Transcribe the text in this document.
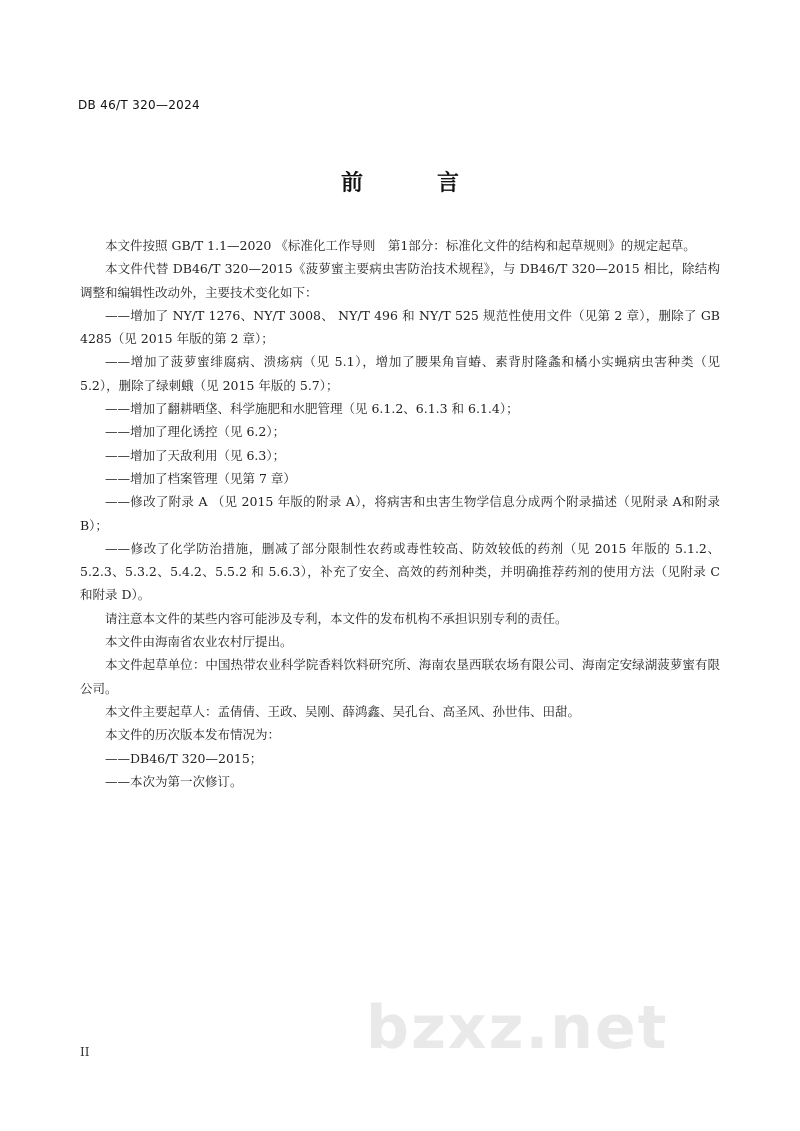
DB 46/T 320—2024
前　言

本文件按照 GB/T 1.1—2020 《标准化工作导则　第1部分：标准化文件的结构和起草规则》的规定起草。

本文件代替 DB46/T 320—2015《菠萝蜜主要病虫害防治技术规程》，与 DB46/T 320—2015 相比，除结构调整和编辑性改动外，主要技术变化如下：

——增加了 NY/T 1276、NY/T 3008、 NY/T 496 和 NY/T 525 规范性使用文件（见第 2 章），删除了 GB 4285（见 2015 年版的第 2 章）；

——增加了菠萝蜜绯腐病、溃疡病（见 5.1），增加了腰果角盲蝽、素背肘隆螽和橘小实蝇病虫害种类（见 5.2），删除了绿刺蛾（见 2015 年版的 5.7）；

——增加了翻耕晒垡、科学施肥和水肥管理（见 6.1.2、6.1.3 和 6.1.4）；

——增加了理化诱控（见 6.2）；

——增加了天敌利用（见 6.3）；

——增加了档案管理（见第 7 章）

——修改了附录 A （见 2015 年版的附录 A），将病害和虫害生物学信息分成两个附录描述（见附录 A和附录 B）；

——修改了化学防治措施，删减了部分限制性农药或毒性较高、防效较低的药剂（见 2015 年版的 5.1.2、5.2.3、5.3.2、5.4.2、5.5.2 和 5.6.3），补充了安全、高效的药剂种类，并明确推荐药剂的使用方法（见附录 C 和附录 D）。

请注意本文件的某些内容可能涉及专利，本文件的发布机构不承担识别专利的责任。

本文件由海南省农业农村厅提出。

本文件起草单位：中国热带农业科学院香料饮料研究所、海南农垦西联农场有限公司、海南定安绿湖菠萝蜜有限公司。

本文件主要起草人：孟倩倩、王政、吴刚、薛鸿鑫、吴孔台、高圣风、孙世伟、田甜。

本文件的历次版本发布情况为：

——DB46/T 320—2015；

——本次为第一次修订。

bzxz.net
II
